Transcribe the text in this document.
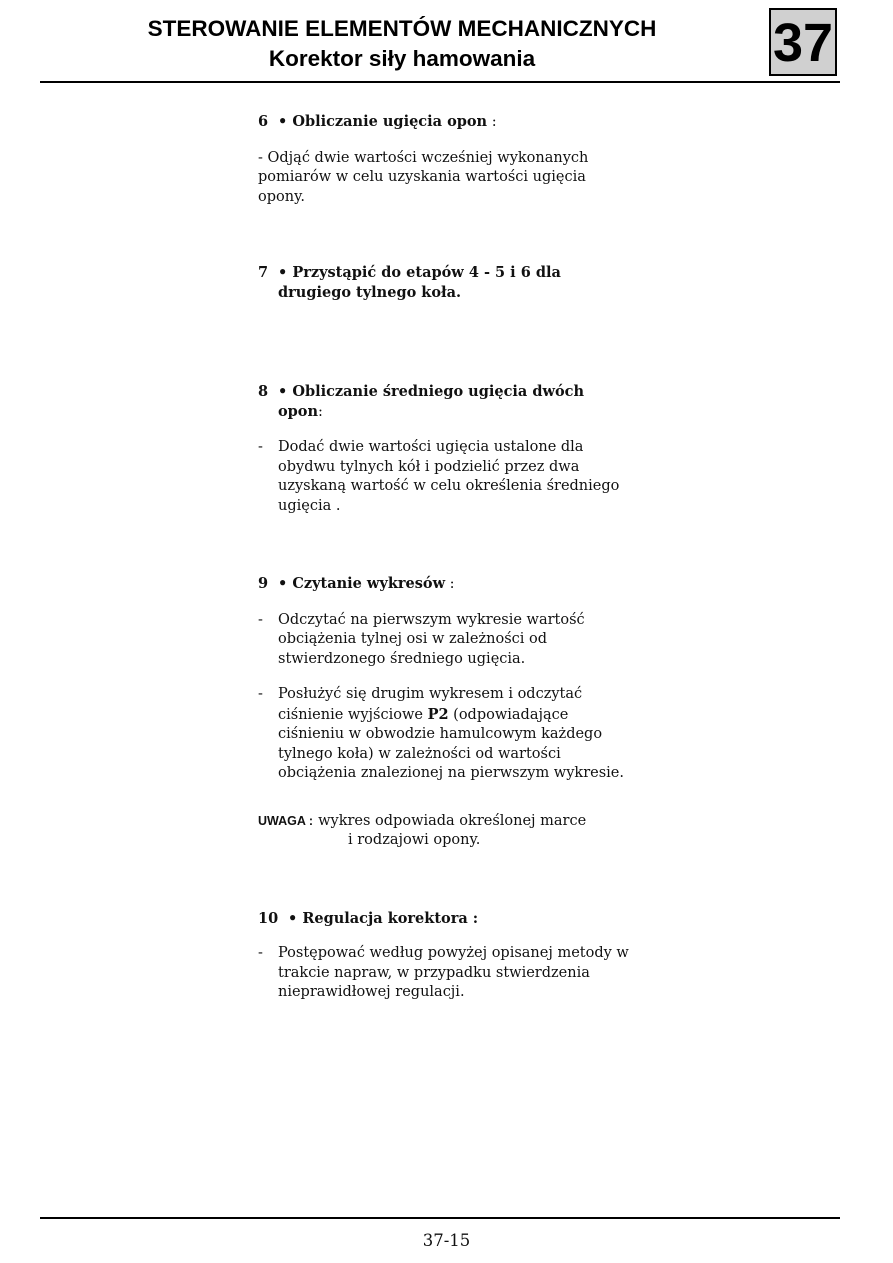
STEROWANIE ELEMENTÓW MECHANICZNYCH
Korektor siły hamowania	37
6 • Obliczanie ugięcia opon :
- Odjąć dwie wartości wcześniej wykonanych pomiarów w celu uzyskania wartości ugięcia opony.
7 • Przystąpić do etapów 4 - 5 i 6 dla drugiego tylnego koła.
8 • Obliczanie średniego ugięcia dwóch opon:
-	Dodać dwie wartości ugięcia ustalone dla obydwu tylnych kół i podzielić przez dwa uzyskaną wartość w celu określenia średniego ugięcia .
9 • Czytanie wykresów :
-	Odczytać na pierwszym wykresie wartość obciążenia tylnej osi w zależności od stwierdzonego średniego ugięcia.
-	Posłużyć się drugim wykresem i odczytać ciśnienie wyjściowe P2 (odpowiadające ciśnieniu w obwodzie hamulcowym każdego tylnego koła) w zależności od wartości obciążenia znalezionej na pierwszym wykresie.
UWAGA : wykres odpowiada określonej marce
i rodzajowi opony.
10 • Regulacja korektora :
-	Postępować według powyżej opisanej metody w trakcie napraw, w przypadku stwierdzenia nieprawidłowej regulacji.
37-15
